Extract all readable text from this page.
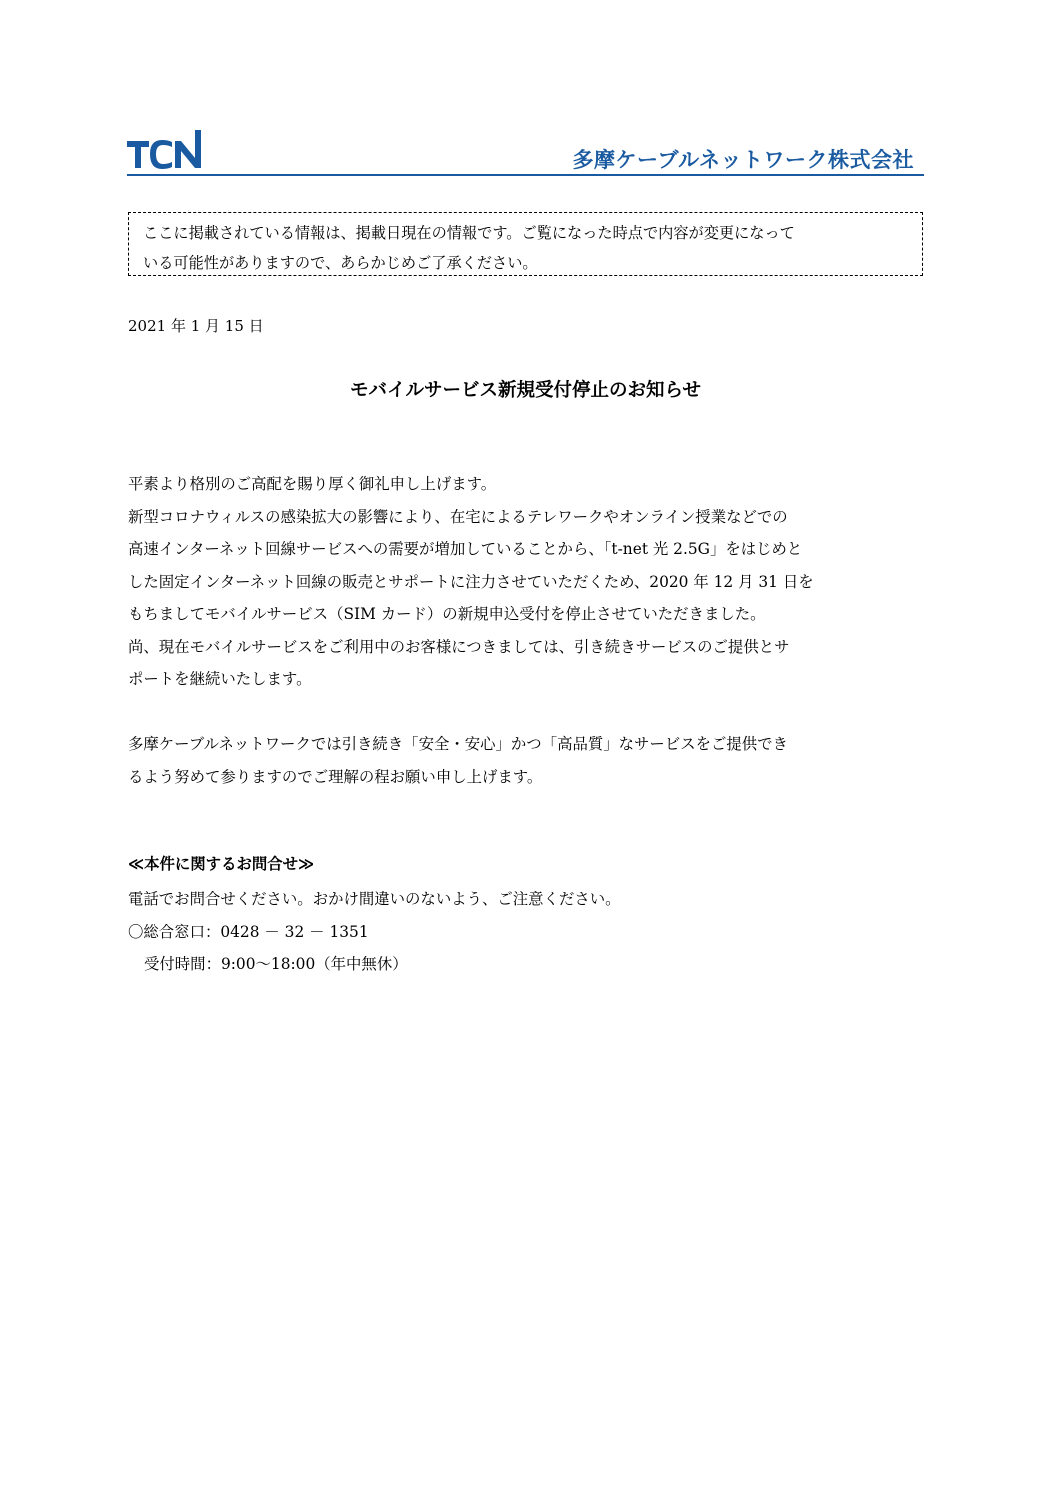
多摩ケーブルネットワーク株式会社
ここに掲載されている情報は、掲載日現在の情報です。ご覧になった時点で内容が変更になって
いる可能性がありますので、あらかじめご了承ください。
2021 年 1 月 15 日
モバイルサービス新規受付停止のお知らせ

平素より格別のご高配を賜り厚く御礼申し上げます。

新型コロナウィルスの感染拡大の影響により、在宅によるテレワークやオンライン授業などでの

高速インターネット回線サービスへの需要が増加していることから、「t-net 光 2.5G」をはじめと

した固定インターネット回線の販売とサポートに注力させていただくため、2020 年 12 月 31 日を

もちましてモバイルサービス（SIM カード）の新規申込受付を停止させていただきました。

尚、現在モバイルサービスをご利用中のお客様につきましては、引き続きサービスのご提供とサ

ポートを継続いたします。

多摩ケーブルネットワークでは引き続き「安全・安心」かつ「高品質」なサービスをご提供でき

るよう努めて参りますのでご理解の程お願い申し上げます。

≪本件に関するお問合せ≫

電話でお問合せください。おかけ間違いのないよう、ご注意ください。

〇総合窓口：0428 － 32 － 1351

受付時間：9:00～18:00（年中無休）
